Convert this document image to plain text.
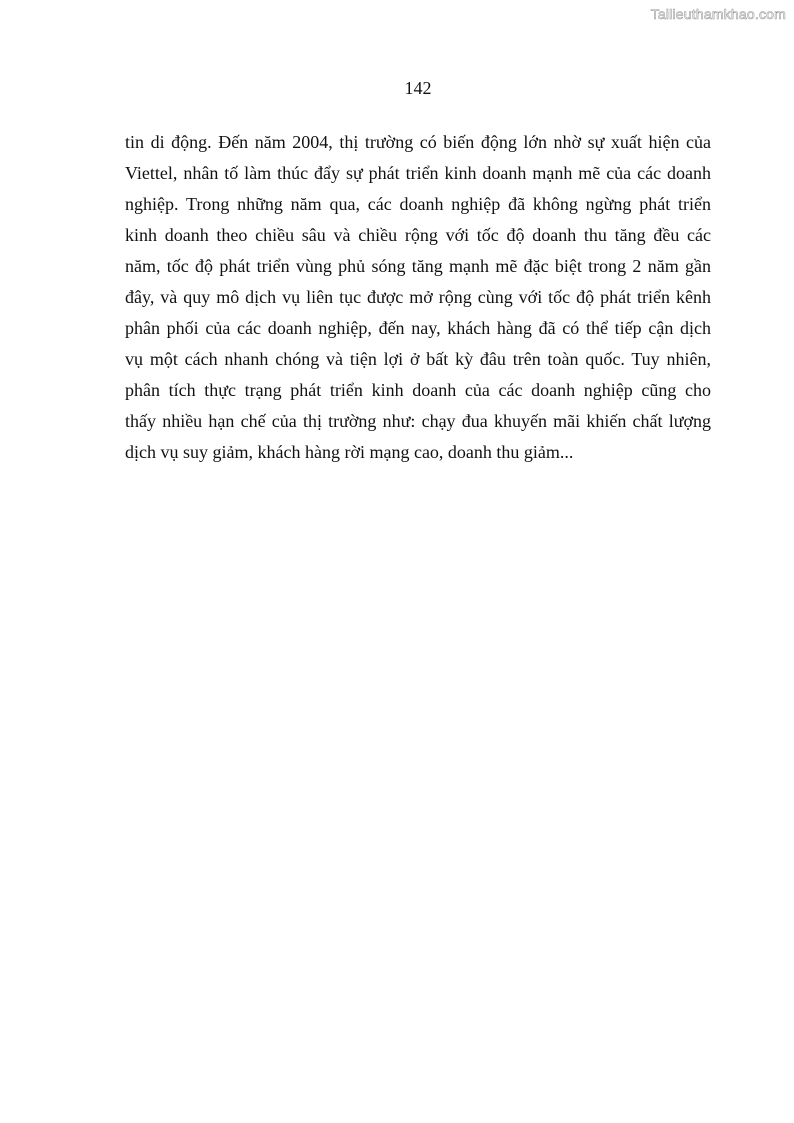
Tailieuthamkhao.com
142
tin di động. Đến năm 2004, thị trường có biến động lớn nhờ sự xuất hiện của
Viettel, nhân tố làm thúc đẩy sự phát triển kinh doanh mạnh mẽ của các doanh
nghiệp. Trong những năm qua, các doanh nghiệp đã không ngừng phát triển
kinh doanh theo chiều sâu và chiều rộng với tốc độ doanh thu tăng đều các
năm, tốc độ phát triển vùng phủ sóng tăng mạnh mẽ đặc biệt trong 2 năm gần
đây, và quy mô dịch vụ liên tục được mở rộng cùng với tốc độ phát triển kênh
phân phối của các doanh nghiệp, đến nay, khách hàng đã có thể tiếp cận dịch
vụ một cách nhanh chóng và tiện lợi ở bất kỳ đâu trên toàn quốc. Tuy nhiên,
phân tích thực trạng phát triển kinh doanh của các doanh nghiệp cũng cho
thấy nhiều hạn chế của thị trường như: chạy đua khuyến mãi khiến chất lượng
dịch vụ suy giảm, khách hàng rời mạng cao, doanh thu giảm...
